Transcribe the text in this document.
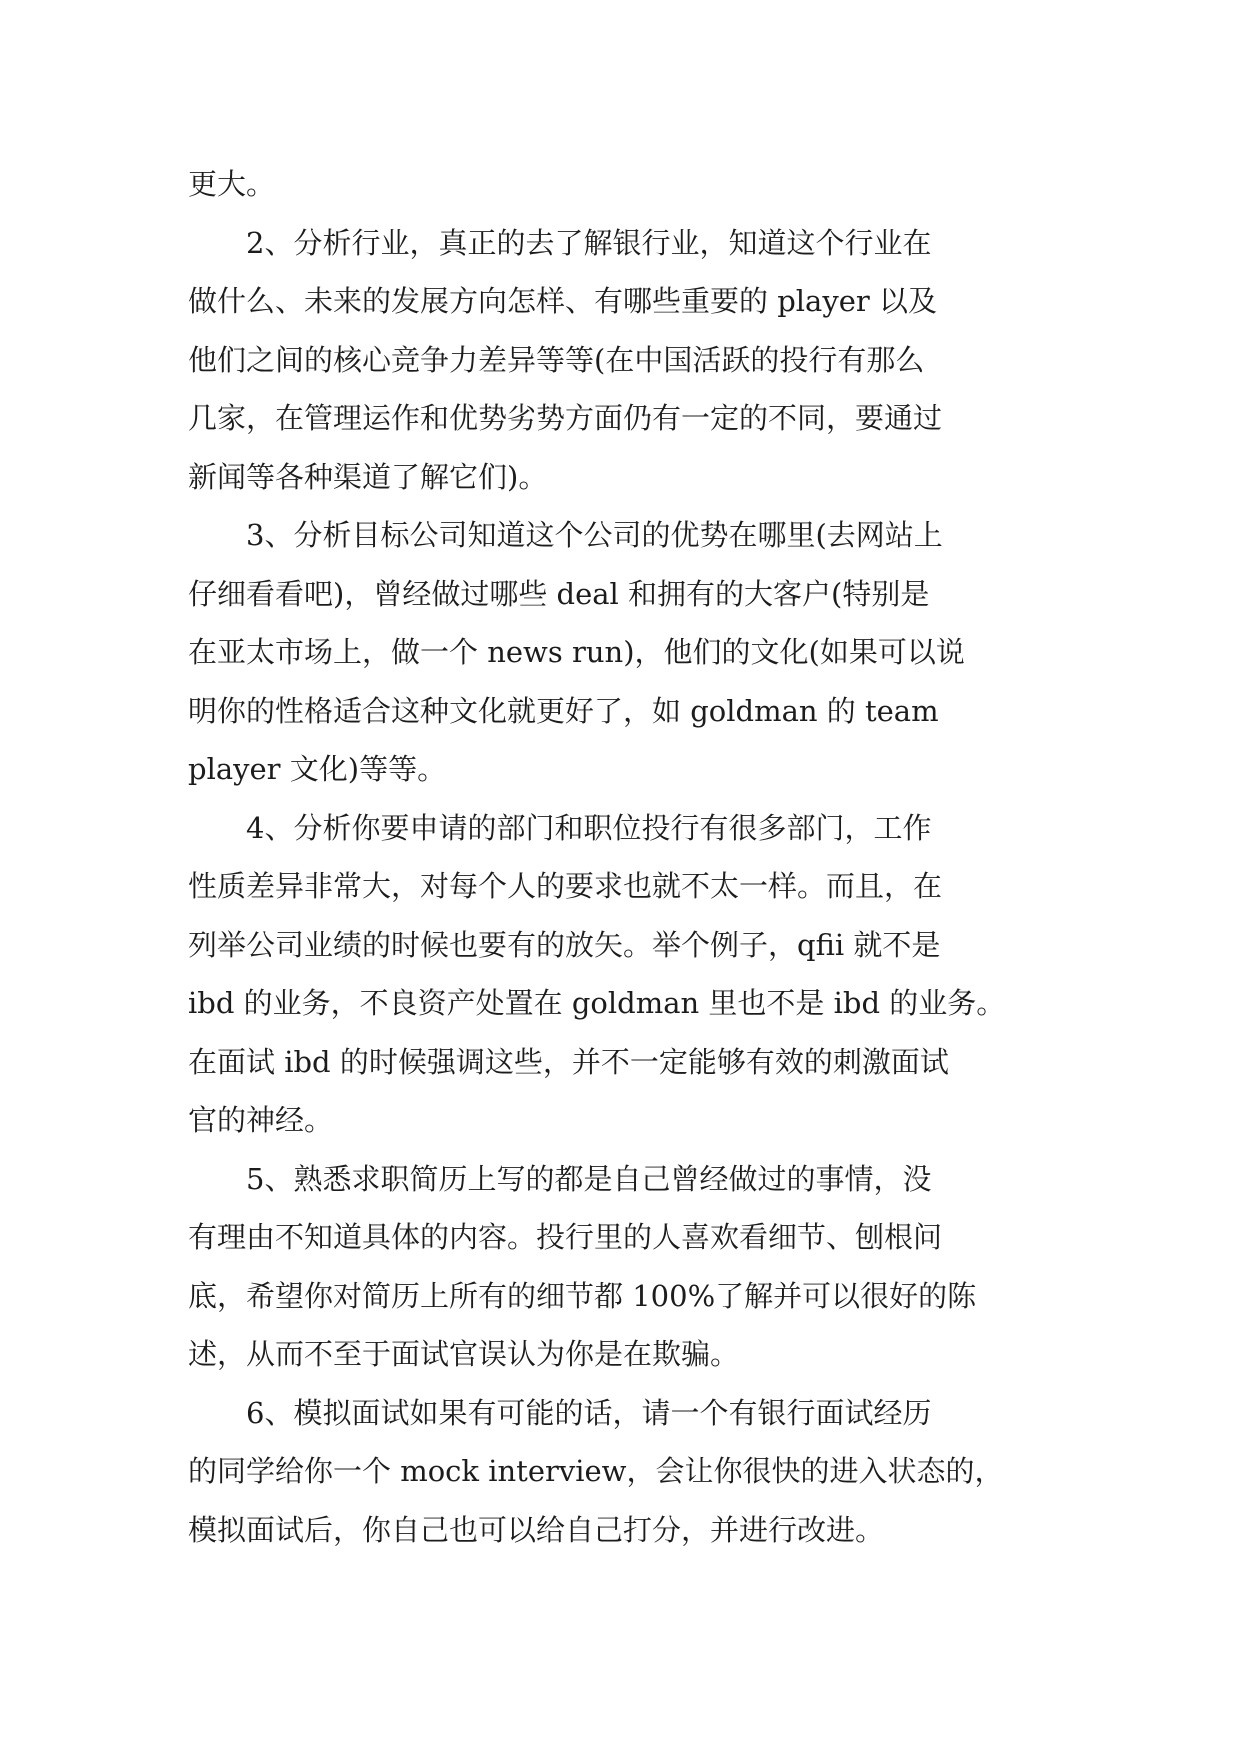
更大。

2、分析行业，真正的去了解银行业，知道这个行业在
做什么、未来的发展方向怎样、有哪些重要的 player 以及
他们之间的核心竞争力差异等等(在中国活跃的投行有那么
几家，在管理运作和优势劣势方面仍有一定的不同，要通过
新闻等各种渠道了解它们)。

3、分析目标公司知道这个公司的优势在哪里(去网站上
仔细看看吧)，曾经做过哪些 deal 和拥有的大客户(特别是
在亚太市场上，做一个 news run)，他们的文化(如果可以说
明你的性格适合这种文化就更好了，如 goldman 的 team
player 文化)等等。

4、分析你要申请的部门和职位投行有很多部门，工作
性质差异非常大，对每个人的要求也就不太一样。而且，在
列举公司业绩的时候也要有的放矢。举个例子，qfii 就不是
ibd 的业务，不良资产处置在 goldman 里也不是 ibd 的业务。
在面试 ibd 的时候强调这些，并不一定能够有效的刺激面试
官的神经。

5、熟悉求职简历上写的都是自己曾经做过的事情，没
有理由不知道具体的内容。投行里的人喜欢看细节、刨根问
底，希望你对简历上所有的细节都 100%了解并可以很好的陈
述，从而不至于面试官误认为你是在欺骗。

6、模拟面试如果有可能的话，请一个有银行面试经历
的同学给你一个 mock interview，会让你很快的进入状态的，
模拟面试后，你自己也可以给自己打分，并进行改进。
